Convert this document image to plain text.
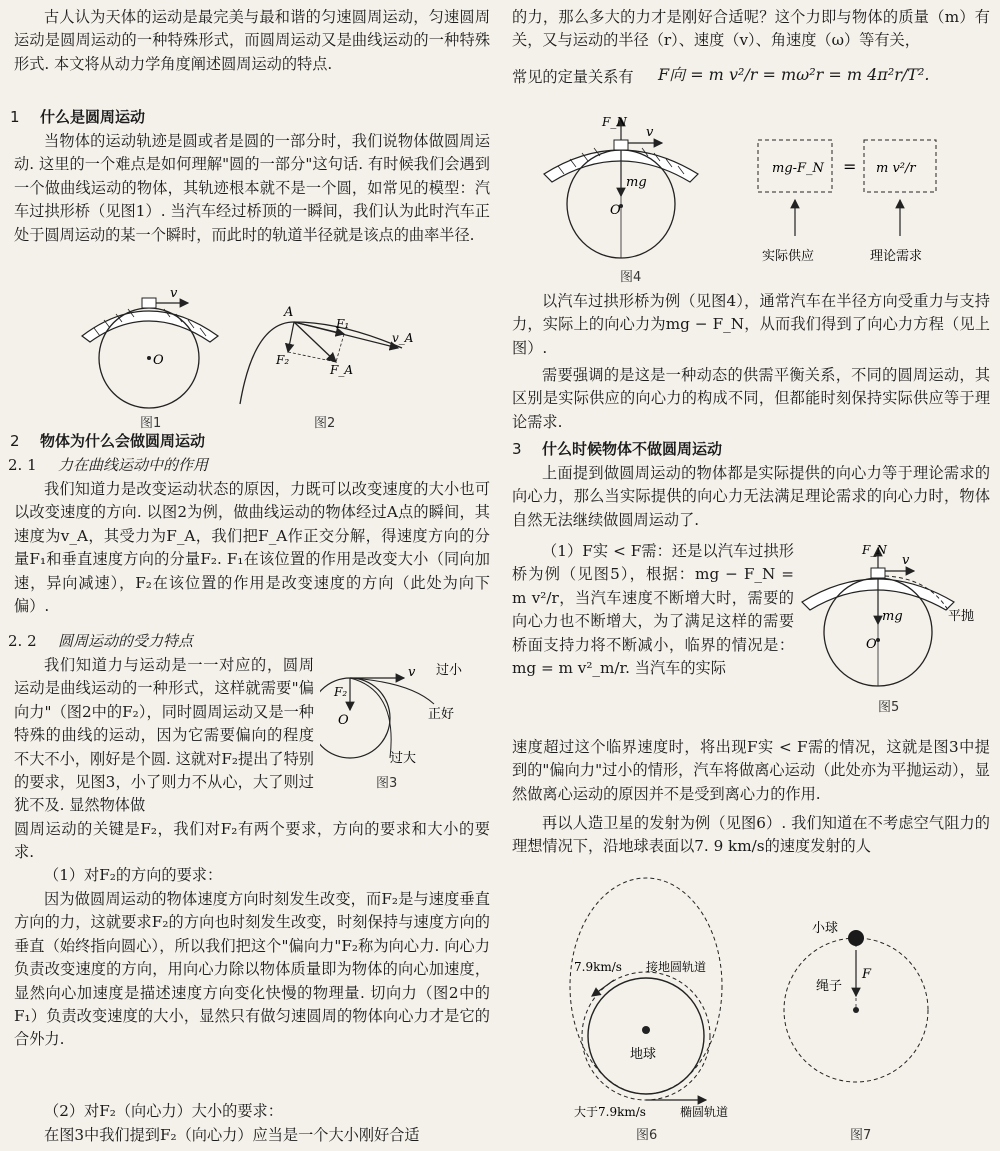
古人认为天体的运动是最完美与最和谐的匀速圆周运动，匀速圆周运动是圆周运动的一种特殊形式，而圆周运动又是曲线运动的一种特殊形式. 本文将从动力学角度阐述圆周运动的特点.

1 什么是圆周运动

当物体的运动轨迹是圆或者是圆的一部分时，我们说物体做圆周运动. 这里的一个难点是如何理解"圆的一部分"这句话. 有时候我们会遇到一个做曲线运动的物体，其轨迹根本就不是一个圆，如常见的模型：汽车过拱形桥（见图1）. 当汽车经过桥顶的一瞬间，我们认为此时汽车正处于圆周运动的某一个瞬时，而此时的轨道半径就是该点的曲率半径.

v
O
图1
A
F₁
F₂
F_A
v_A
图2
2 物体为什么会做圆周运动
2. 1 力在曲线运动中的作用

我们知道力是改变运动状态的原因，力既可以改变速度的大小也可以改变速度的方向. 以图2为例，做曲线运动的物体经过A点的瞬间，其速度为v_A，其受力为F_A，我们把F_A作正交分解，得速度方向的分量F₁和垂直速度方向的分量F₂. F₁在该位置的作用是改变大小（同向加速，异向减速），F₂在该位置的作用是改变速度的方向（此处为向下偏）.

2. 2 圆周运动的受力特点

我们知道力与运动是一一对应的，圆周运动是曲线运动的一种形式，这样就需要"偏向力"（图2中的F₂），同时圆周运动又是一种特殊的曲线的运动，因为它需要偏向的程度不大不小，刚好是个圆. 这就对F₂提出了特别的要求，见图3，小了则力不从心，大了则过犹不及. 显然物体做

v 过小
正好
过大
F₂
O
图3

圆周运动的关键是F₂，我们对F₂有两个要求，方向的要求和大小的要求.

（1）对F₂的方向的要求：

因为做圆周运动的物体速度方向时刻发生改变，而F₂是与速度垂直方向的力，这就要求F₂的方向也时刻发生改变，时刻保持与速度方向的垂直（始终指向圆心），所以我们把这个"偏向力"F₂称为向心力. 向心力负责改变速度的方向，用向心力除以物体质量即为物体的向心加速度，显然向心加速度是描述速度方向变化快慢的物理量. 切向力（图2中的F₁）负责改变速度的大小，显然只有做匀速圆周的物体向心力才是它的合外力.

（2）对F₂（向心力）大小的要求：

在图3中我们提到F₂（向心力）应当是一个大小刚好合适

的力，那么多大的力才是刚好合适呢？这个力即与物体的质量（m）有关，又与运动的半径（r）、速度（v）、角速度（ω）等有关，

常见的定量关系有	F向 = m v²/r = mω²r = m 4π²r/T².
F_N
v
mg
O
图4
mg-F_N = m v²/r
实际供应	理论需求

以汽车过拱形桥为例（见图4），通常汽车在半径方向受重力与支持力，实际上的向心力为mg − F_N，从而我们得到了向心力方程（见上图）.

需要强调的是这是一种动态的供需平衡关系，不同的圆周运动，其区别是实际供应的向心力的构成不同，但都能时刻保持实际供应等于理论需求.

3 什么时候物体不做圆周运动

上面提到做圆周运动的物体都是实际提供的向心力等于理论需求的向心力，那么当实际提供的向心力无法满足理论需求的向心力时，物体自然无法继续做圆周运动了.

（1）F实 < F需：还是以汽车过拱形桥为例（见图5），根据：mg − F_N = m v²/r，当汽车速度不断增大时，需要的向心力也不断增大，为了满足这样的需要桥面支持力将不断减小，临界的情况是：mg = m v²_m/r. 当汽车的实际

F_N
v
mg
O
平抛
图5

速度超过这个临界速度时，将出现F实 < F需的情况，这就是图3中提到的"偏向力"过小的情形，汽车将做离心运动（此处亦为平抛运动），显然做离心运动的原因并不是受到离心力的作用.

再以人造卫星的发射为例（见图6）. 我们知道在不考虑空气阻力的理想情况下，沿地球表面以7. 9 km/s的速度发射的人

7.9km/s 接地圆轨道
地球
大于7.9km/s	椭圆轨道
图6
小球
绳子
F
图7
